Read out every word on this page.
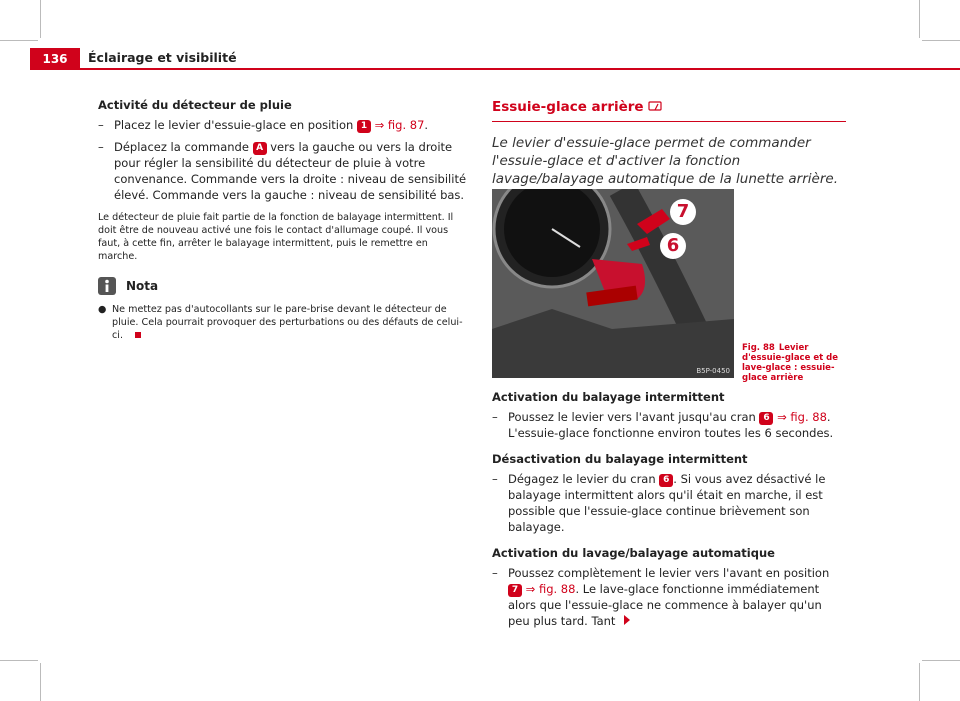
136	Éclairage et visibilité
Activité du détecteur de pluie
– Placez le levier d'essuie-glace en position 1 ⇒ fig. 87.
– Déplacez la commande A vers la gauche ou vers la droite pour régler la sensibilité du détecteur de pluie à votre convenance. Commande vers la droite : niveau de sensibilité élevé. Commande vers la gauche : niveau de sensibilité bas.
Le détecteur de pluie fait partie de la fonction de balayage intermittent. Il doit être de nouveau activé une fois le contact d'allumage coupé. Il vous faut, à cette fin, arrêter le balayage intermittent, puis le remettre en marche.
Nota
● Ne mettez pas d'autocollants sur le pare-brise devant le détecteur de pluie. Cela pourrait provoquer des perturbations ou des défauts de celui-ci.
Essuie-glace arrière
Le levier d'essuie-glace permet de commander l'essuie-glace et d'activer la fonction lavage/balayage automatique de la lunette arrière.
7
6
B5P-0450
Fig. 88 Levier d'essuie-glace et de lave-glace : essuie-glace arrière
Activation du balayage intermittent
– Poussez le levier vers l'avant jusqu'au cran 6 ⇒ fig. 88. L'essuie-glace fonctionne environ toutes les 6 secondes.
Désactivation du balayage intermittent
– Dégagez le levier du cran 6 . Si vous avez désactivé le balayage intermittent alors qu'il était en marche, il est possible que l'essuie-glace continue brièvement son balayage.
Activation du lavage/balayage automatique
– Poussez complètement le levier vers l'avant en position 7 ⇒ fig. 88. Le lave-glace fonctionne immédiatement alors que l'essuie-glace ne commence à balayer qu'un peu plus tard. Tant
